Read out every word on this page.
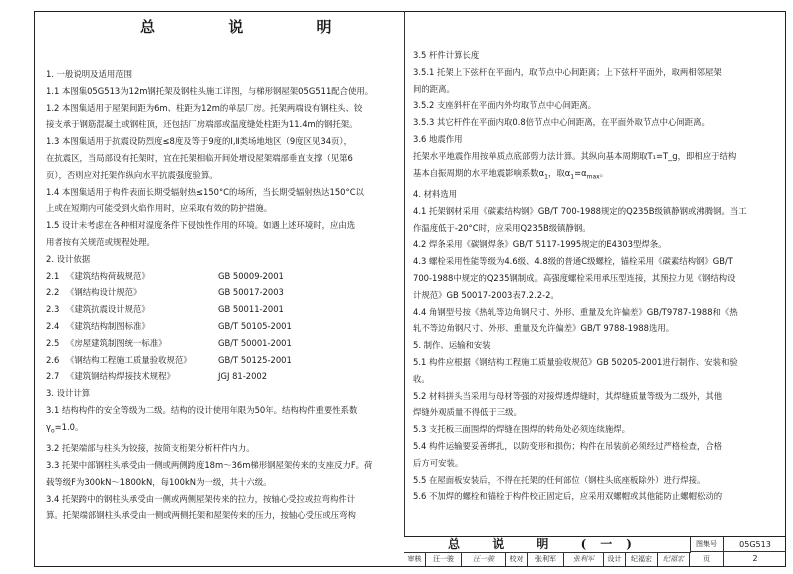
总 说 明

1. 一般说明及适用范围

1.1 本图集05G513为12m钢托架及钢柱头施工详图，与梯形钢屋架05G511配合使用。

1.2 本图集适用于屋架间距为6m、柱距为12m的单层厂房。托架两端设有钢柱头、铰

接支承于钢筋混凝土或钢柱顶，还包括厂房端部或温度缝处柱距为11.4m的钢托架。

1.3 本图集适用于抗震设防烈度≤8度及等于9度的Ⅰ,Ⅱ类场地地区（9度区见34页），

在抗震区，当局部设有托架时，宜在托架相临开间处增设屋架端部垂直支撑（见第6

页），否则应对托架作纵向水平抗震强度验算。

1.4 本图集适用于构件表面长期受辐射热≤150°C的场所，当长期受辐射热达150°C以

上或在短期内可能受到火焰作用时，应采取有效的防护措施。

1.5 设计未考虑在各种相对湿度条件下侵蚀性作用的环境。如遇上述环境时，应由选

用者按有关规范或规程处理。

2. 设计依据

2.1 《建筑结构荷载规范》	GB 50009-2001
2.2 《钢结构设计规范》	GB 50017-2003
2.3 《建筑抗震设计规范》	GB 50011-2001
2.4 《建筑结构制图标准》	GB/T 50105-2001
2.5 《房屋建筑制图统一标准》	GB/T 50001-2001
2.6 《钢结构工程施工质量验收规范》	GB/T 50125-2001
2.7 《建筑钢结构焊接技术规程》	JGJ 81-2002

3. 设计计算

3.1 结构构件的安全等级为二级。结构的设计使用年限为50年。结构构件重要性系数

$\gamma_o=1.0$。

3.2 托架端部与柱头为铰接，按简支桁架分析杆件内力。

3.3 托架中部钢柱头承受由一侧或两侧跨度18m～36m梯形钢屋架传来的支座反力F。荷

载等级F为300kN～1800kN，每100kN为一级，共十六级。

3.4 托架跨中的钢柱头承受由一侧或两侧屋架传来的拉力，按轴心受拉或拉弯构件计

算。托架端部钢柱头承受由一侧或两侧托架和屋架传来的压力，按轴心受压或压弯构

3.5 杆件计算长度

3.5.1 托架上下弦杆在平面内，取节点中心间距离；上下弦杆平面外，取两相邻屋架

间的距离。

3.5.2 支座斜杆在平面内外均取节点中心间距离。

3.5.3 其它杆件在平面内取0.8倍节点中心间距离，在平面外取节点中心间距离。

3.6 地震作用

托架水平地震作用按单质点底部剪力法计算。其纵向基本周期取T₁=T_g，即相应于结构

基本自振周期的水平地震影响系数$\alpha_1$，取$\alpha_1=\alpha_{max}$。

4. 材料选用

4.1 托架钢材采用《碳素结构钢》GB/T 700-1988规定的Q235B级镇静钢或沸腾钢。当工

作温度低于-20°C时，应采用Q235B级镇静钢。

4.2 焊条采用《碳钢焊条》GB/T 5117-1995规定的E4303型焊条。

4.3 螺栓采用性能等级为4.6级、4.8级的普通C级螺栓，锚栓采用《碳素结构钢》GB/T

700-1988中规定的Q235钢制成。高强度螺栓采用承压型连接，其预拉力见《钢结构设

计规范》GB 50017-2003表7.2.2-2。

4.4 角钢型号按《热轧等边角钢尺寸、外形、重量及允许偏差》GB/T9787-1988和《热

轧不等边角钢尺寸、外形、重量及允许偏差》GB/T 9788-1988选用。

5. 制作、运输和安装

5.1 构件应根据《钢结构工程施工质量验收规范》GB 50205-2001进行制作、安装和验

收。

5.2 材料拼头当采用与母材等强的对接焊透焊缝时，其焊缝质量等级为二级外，其他

焊缝外观质量不得低于三级。

5.3 支托板三面围焊的焊缝在围焊的转角处必须连续施焊。

5.4 构件运输要妥善绑扎，以防变形和损伤；构件在吊装前必须经过严格检查，合格

后方可安装。

5.5 在屋面板安装后，不得在托架的任何部位（钢柱头底座板除外）进行焊接。

5.6 不加焊的螺栓和锚栓于构件校正固定后，应采用双螺帽或其他能防止螺帽松动的

总 说 明 (一)	图集号	05G513
审核	汪一骏	汪一骏	校对	张利军	张利军	设计	纪福宏	纪福宏	页	2
